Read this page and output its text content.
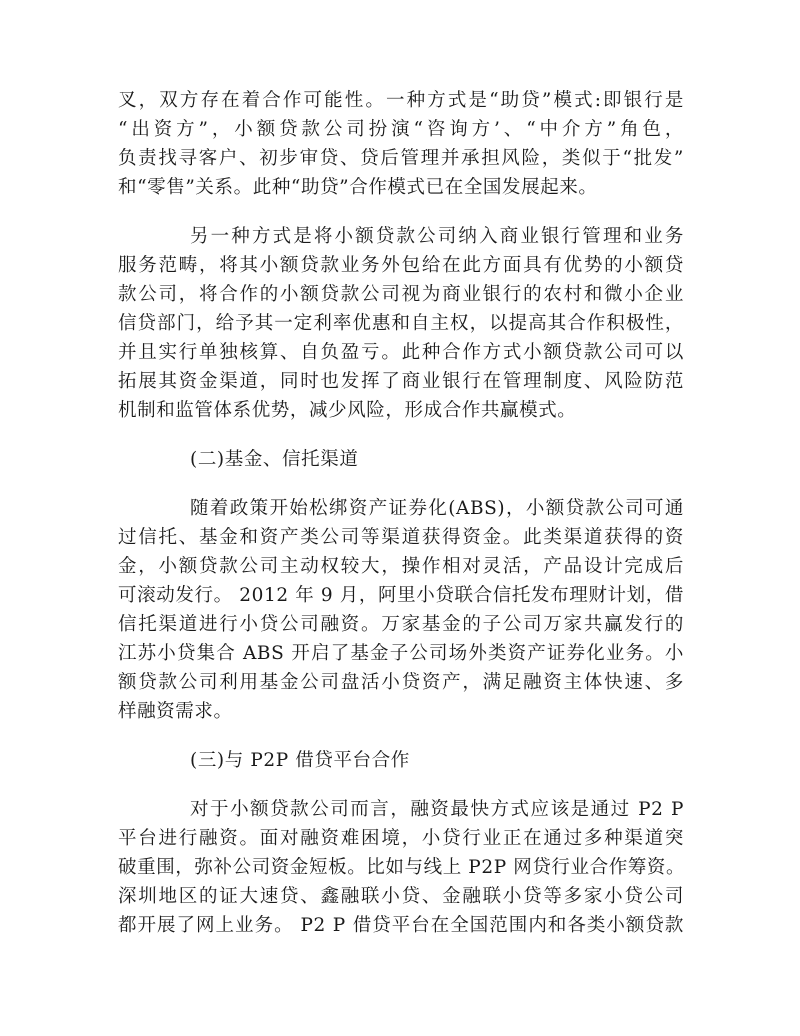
叉，双方存在着合作可能性。一种方式是“助贷”模式:即银行是
“出资方”，小额贷款公司扮演“咨询方’、“中介方”角色，
负责找寻客户、初步审贷、贷后管理并承担风险，类似于“批发”
和“零售”关系。此种“助贷”合作模式已在全国发展起来。
另一种方式是将小额贷款公司纳入商业银行管理和业务
服务范畴，将其小额贷款业务外包给在此方面具有优势的小额贷
款公司，将合作的小额贷款公司视为商业银行的农村和微小企业
信贷部门，给予其一定利率优惠和自主权，以提高其合作积极性，
并且实行单独核算、自负盈亏。此种合作方式小额贷款公司可以
拓展其资金渠道，同时也发挥了商业银行在管理制度、风险防范
机制和监管体系优势，减少风险，形成合作共赢模式。
(二)基金、信托渠道
随着政策开始松绑资产证券化(ABS)，小额贷款公司可通
过信托、基金和资产类公司等渠道获得资金。此类渠道获得的资
金，小额贷款公司主动权较大，操作相对灵活，产品设计完成后
可滚动发行。 2012 年 9 月，阿里小贷联合信托发布理财计划，借
信托渠道进行小贷公司融资。万家基金的子公司万家共赢发行的
江苏小贷集合 ABS 开启了基金子公司场外类资产证券化业务。小
额贷款公司利用基金公司盘活小贷资产，满足融资主体快速、多
样融资需求。
(三)与 P2P 借贷平台合作
对于小额贷款公司而言，融资最快方式应该是通过 P2 P
平台进行融资。面对融资难困境，小贷行业正在通过多种渠道突
破重围，弥补公司资金短板。比如与线上 P2P 网贷行业合作筹资。
深圳地区的证大速贷、鑫融联小贷、金融联小贷等多家小贷公司
都开展了网上业务。 P2 P 借贷平台在全国范围内和各类小额贷款
